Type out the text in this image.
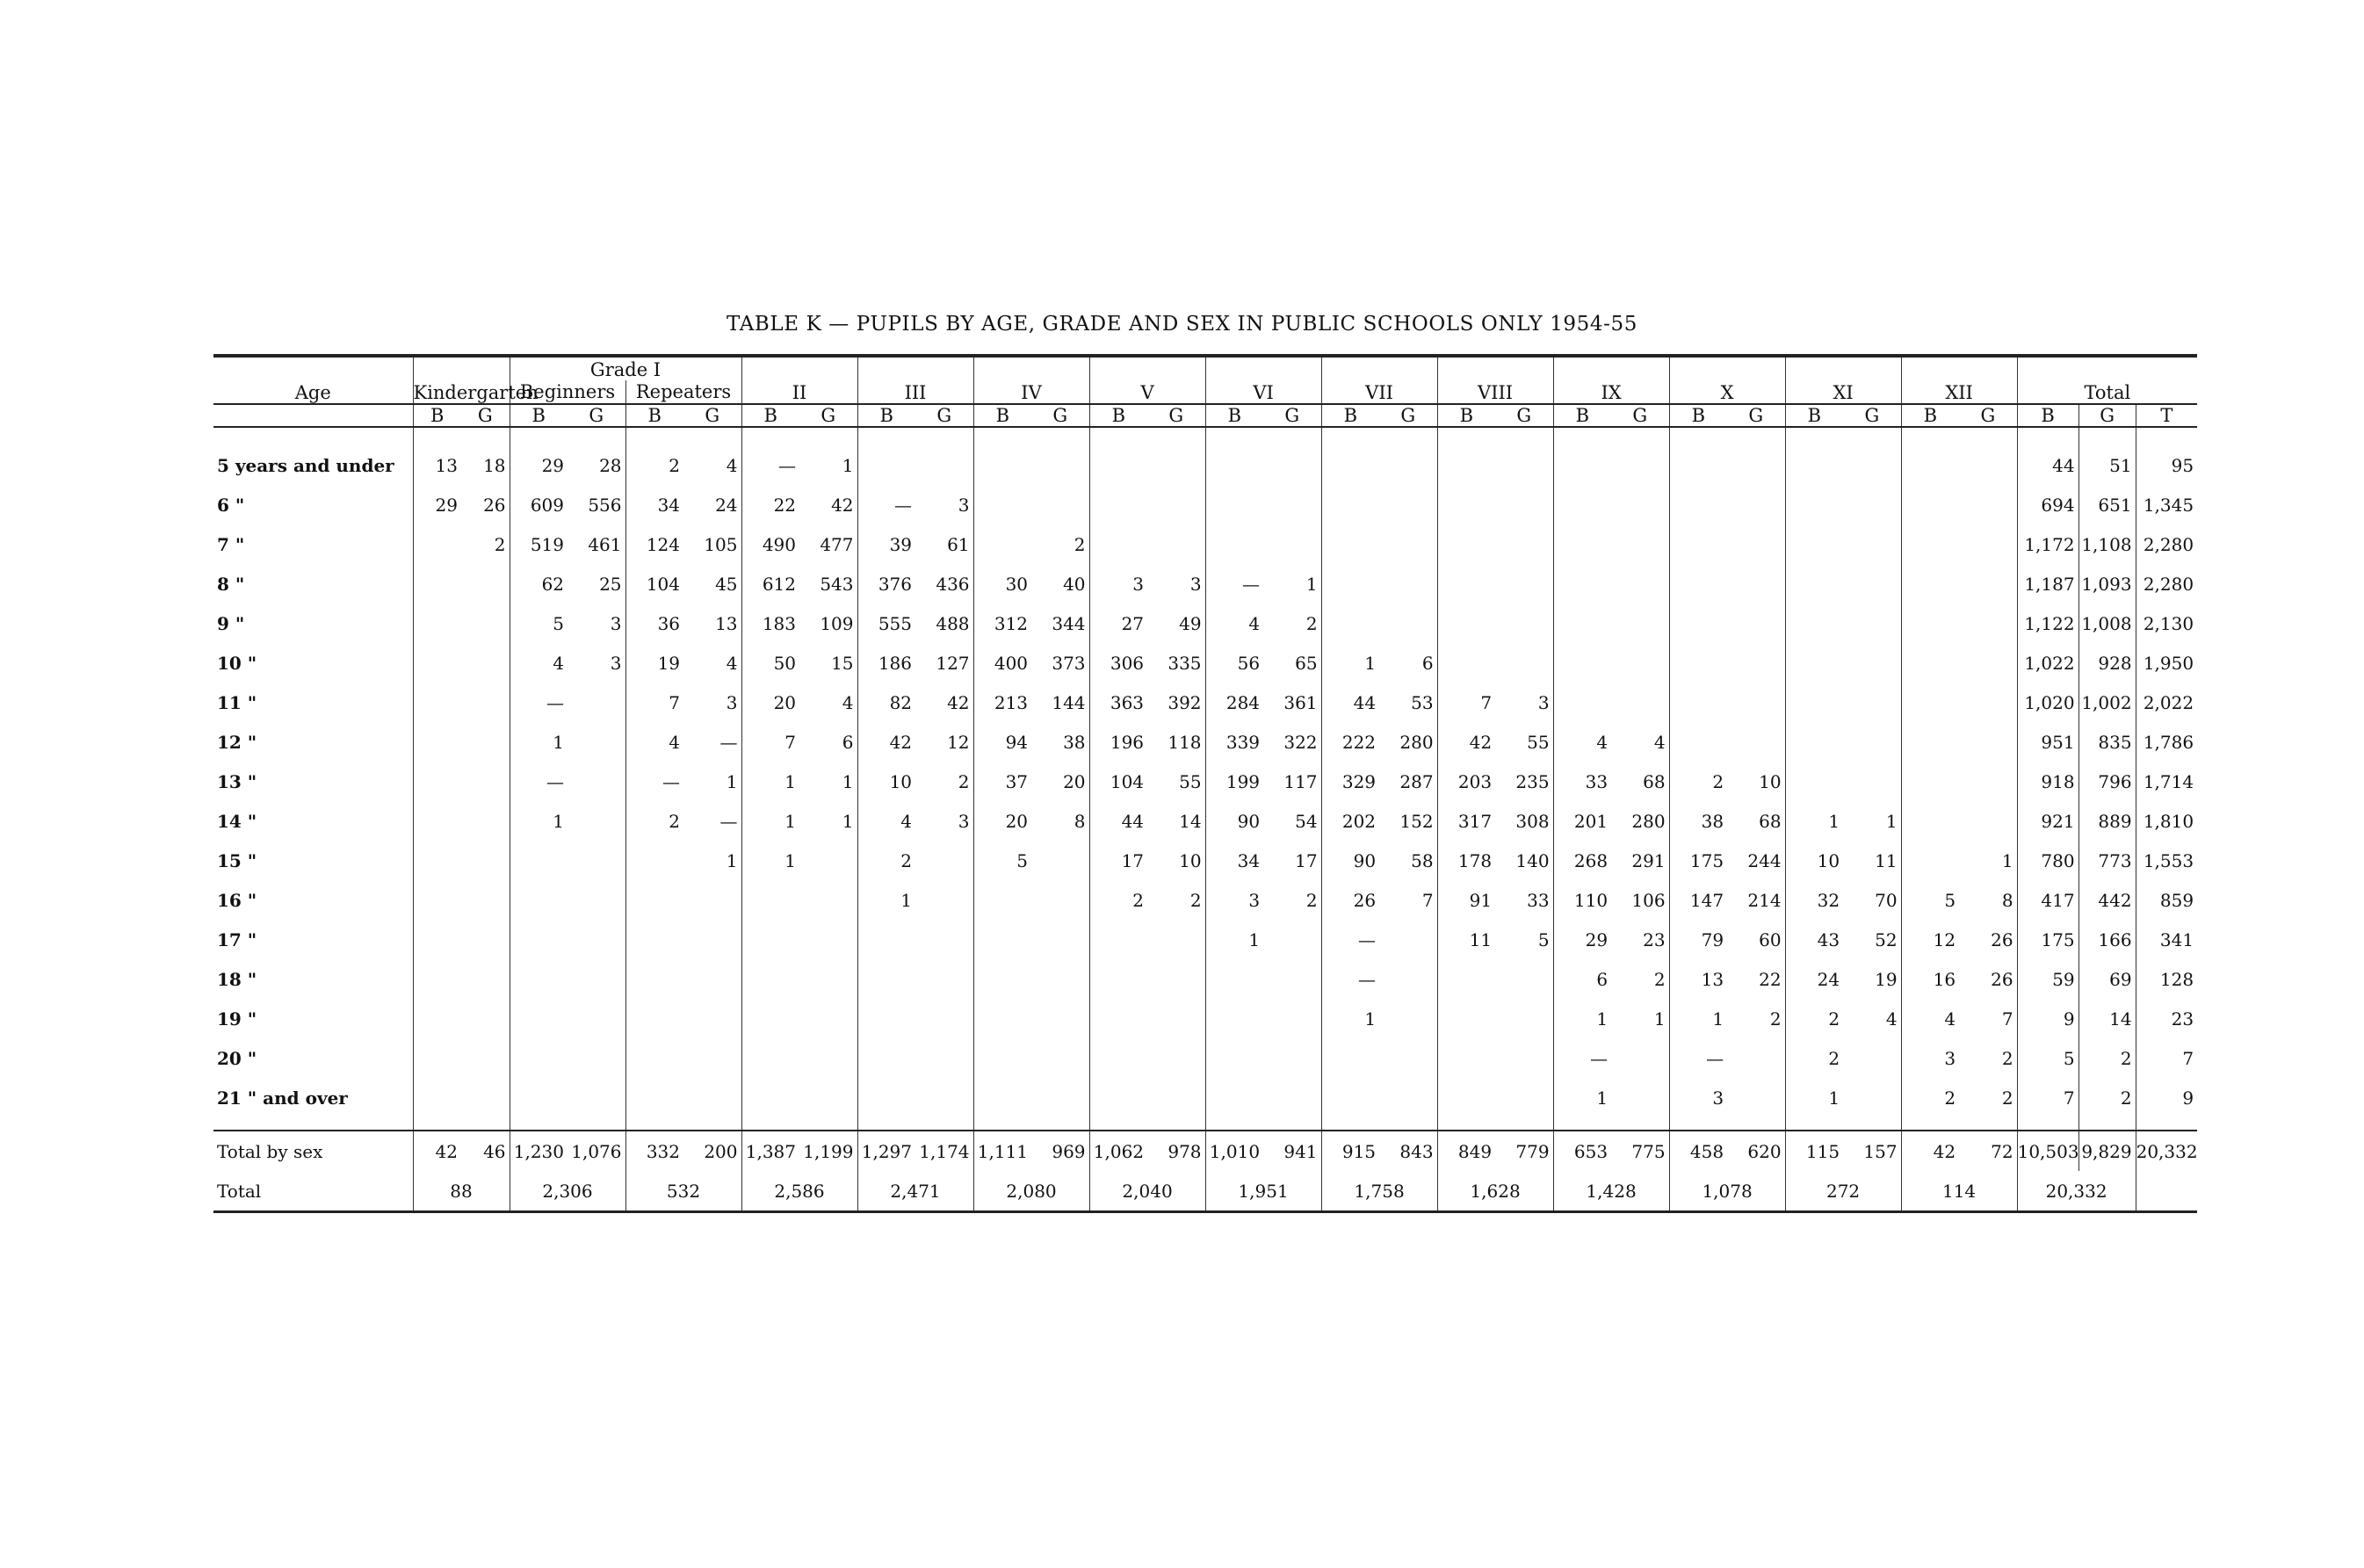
TABLE K — PUPILS BY AGE, GRADE AND SEX IN PUBLIC SCHOOLS ONLY 1954-55
Age	Kindergarten		Grade I				II		III		IV		V		VI		VII		VIII		IX		X		XI		XII		Total		
			Beginners		Repeaters																										
	B	G	B	G	B	G	B	G	B	G	B	G	B	G	B	G	B	G	B	G	B	G	B	G	B	G	B	G	B	G	T
5 years and under	13	18	29	28	2	4	—	1																					44	51	95
6 "	29	26	609	556	34	24	22	42	—	3																			694	651	1,345
7 "		2	519	461	124	105	490	477	39	61		2																	1,172	1,108	2,280
8 "			62	25	104	45	612	543	376	436	30	40	3	3	—	1													1,187	1,093	2,280
9 "			5	3	36	13	183	109	555	488	312	344	27	49	4	2													1,122	1,008	2,130
10 "			4	3	19	4	50	15	186	127	400	373	306	335	56	65	1	6											1,022	928	1,950
11 "			—		7	3	20	4	82	42	213	144	363	392	284	361	44	53	7	3									1,020	1,002	2,022
12 "			1		4	—	7	6	42	12	94	38	196	118	339	322	222	280	42	55	4	4							951	835	1,786
13 "			—		—	1	1	1	10	2	37	20	104	55	199	117	329	287	203	235	33	68	2	10					918	796	1,714
14 "			1		2	—	1	1	4	3	20	8	44	14	90	54	202	152	317	308	201	280	38	68	1	1			921	889	1,810
15 "						1	1		2		5		17	10	34	17	90	58	178	140	268	291	175	244	10	11		1	780	773	1,553
16 "									1				2	2	3	2	26	7	91	33	110	106	147	214	32	70	5	8	417	442	859
17 "															1		—		11	5	29	23	79	60	43	52	12	26	175	166	341
18 "																	—				6	2	13	22	24	19	16	26	59	69	128
19 "																	1				1	1	1	2	2	4	4	7	9	14	23
20 "																					—		—		2		3	2	5	2	7
21 " and over																					1		3		1		2	2	7	2	9

Total by sex	42	46	1,230	1,076	332	200	1,387	1,199	1,297	1,174	1,111	969	1,062	978	1,010	941	915	843	849	779	653	775	458	620	115	157	42	72	10,503	9,829	20,332
Total	88		2,306		532		2,586		2,471		2,080		2,040		1,951		1,758		1,628		1,428		1,078		272		114		20,332		
